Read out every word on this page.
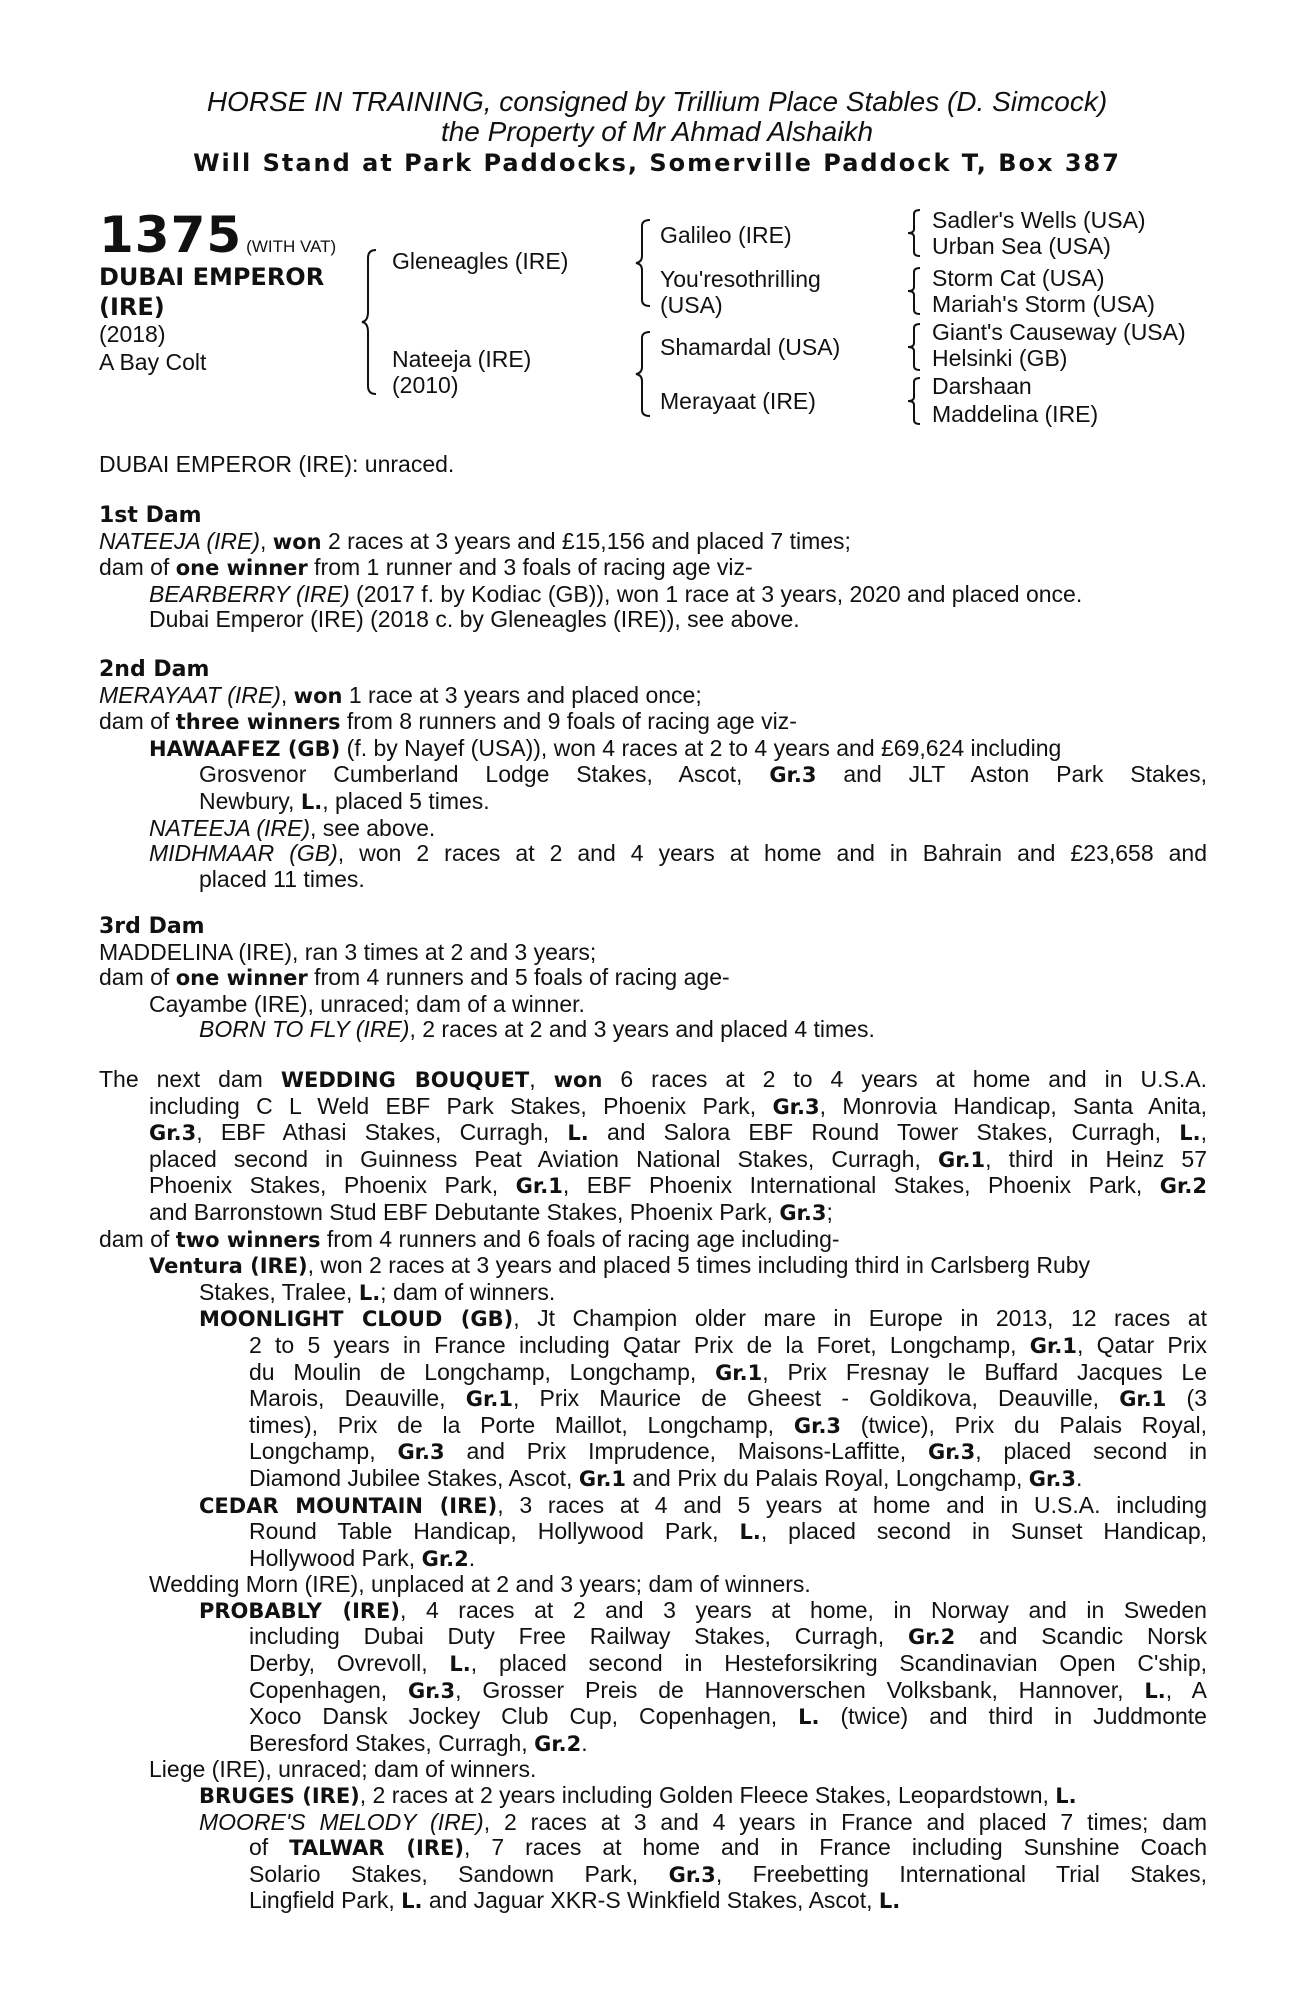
HORSE IN TRAINING, consigned by Trillium Place Stables (D. Simcock)
the Property of Mr Ahmad Alshaikh
Will Stand at Park Paddocks, Somerville Paddock T, Box 387
1375 (WITH VAT)
DUBAI EMPEROR
(IRE)
(2018)
A Bay Colt
Gleneagles (IRE)
Nateeja (IRE)
(2010)
Galileo (IRE)
You'resothrilling
(USA)
Shamardal (USA)
Merayaat (IRE)
Sadler's Wells (USA)
Urban Sea (USA)
Storm Cat (USA)
Mariah's Storm (USA)
Giant's Causeway (USA)
Helsinki (GB)
Darshaan
Maddelina (IRE)
DUBAI EMPEROR (IRE): unraced.
1st Dam
NATEEJA (IRE), won 2 races at 3 years and £15,156 and placed 7 times;
dam of one winner from 1 runner and 3 foals of racing age viz-
BEARBERRY (IRE) (2017 f. by Kodiac (GB)), won 1 race at 3 years, 2020 and placed once.
Dubai Emperor (IRE) (2018 c. by Gleneagles (IRE)), see above.
2nd Dam
MERAYAAT (IRE), won 1 race at 3 years and placed once;
dam of three winners from 8 runners and 9 foals of racing age viz-
HAWAAFEZ (GB) (f. by Nayef (USA)), won 4 races at 2 to 4 years and £69,624 including
Grosvenor Cumberland Lodge Stakes, Ascot, Gr.3 and JLT Aston Park Stakes,
Newbury, L., placed 5 times.
NATEEJA (IRE), see above.
MIDHMAAR (GB), won 2 races at 2 and 4 years at home and in Bahrain and £23,658 and
placed 11 times.
3rd Dam
MADDELINA (IRE), ran 3 times at 2 and 3 years;
dam of one winner from 4 runners and 5 foals of racing age-
Cayambe (IRE), unraced; dam of a winner.
BORN TO FLY (IRE), 2 races at 2 and 3 years and placed 4 times.
The next dam WEDDING BOUQUET, won 6 races at 2 to 4 years at home and in U.S.A.
including C L Weld EBF Park Stakes, Phoenix Park, Gr.3, Monrovia Handicap, Santa Anita,
Gr.3, EBF Athasi Stakes, Curragh, L. and Salora EBF Round Tower Stakes, Curragh, L.,
placed second in Guinness Peat Aviation National Stakes, Curragh, Gr.1, third in Heinz 57
Phoenix Stakes, Phoenix Park, Gr.1, EBF Phoenix International Stakes, Phoenix Park, Gr.2
and Barronstown Stud EBF Debutante Stakes, Phoenix Park, Gr.3;
dam of two winners from 4 runners and 6 foals of racing age including-
Ventura (IRE), won 2 races at 3 years and placed 5 times including third in Carlsberg Ruby
Stakes, Tralee, L.; dam of winners.
MOONLIGHT CLOUD (GB), Jt Champion older mare in Europe in 2013, 12 races at
2 to 5 years in France including Qatar Prix de la Foret, Longchamp, Gr.1, Qatar Prix
du Moulin de Longchamp, Longchamp, Gr.1, Prix Fresnay le Buffard Jacques Le
Marois, Deauville, Gr.1, Prix Maurice de Gheest - Goldikova, Deauville, Gr.1 (3
times), Prix de la Porte Maillot, Longchamp, Gr.3 (twice), Prix du Palais Royal,
Longchamp, Gr.3 and Prix Imprudence, Maisons-Laffitte, Gr.3, placed second in
Diamond Jubilee Stakes, Ascot, Gr.1 and Prix du Palais Royal, Longchamp, Gr.3.
CEDAR MOUNTAIN (IRE), 3 races at 4 and 5 years at home and in U.S.A. including
Round Table Handicap, Hollywood Park, L., placed second in Sunset Handicap,
Hollywood Park, Gr.2.
Wedding Morn (IRE), unplaced at 2 and 3 years; dam of winners.
PROBABLY (IRE), 4 races at 2 and 3 years at home, in Norway and in Sweden
including Dubai Duty Free Railway Stakes, Curragh, Gr.2 and Scandic Norsk
Derby, Ovrevoll, L., placed second in Hesteforsikring Scandinavian Open C'ship,
Copenhagen, Gr.3, Grosser Preis de Hannoverschen Volksbank, Hannover, L., A
Xoco Dansk Jockey Club Cup, Copenhagen, L. (twice) and third in Juddmonte
Beresford Stakes, Curragh, Gr.2.
Liege (IRE), unraced; dam of winners.
BRUGES (IRE), 2 races at 2 years including Golden Fleece Stakes, Leopardstown, L.
MOORE'S MELODY (IRE), 2 races at 3 and 4 years in France and placed 7 times; dam
of TALWAR (IRE), 7 races at home and in France including Sunshine Coach
Solario Stakes, Sandown Park, Gr.3, Freebetting International Trial Stakes,
Lingfield Park, L. and Jaguar XKR-S Winkfield Stakes, Ascot, L.
